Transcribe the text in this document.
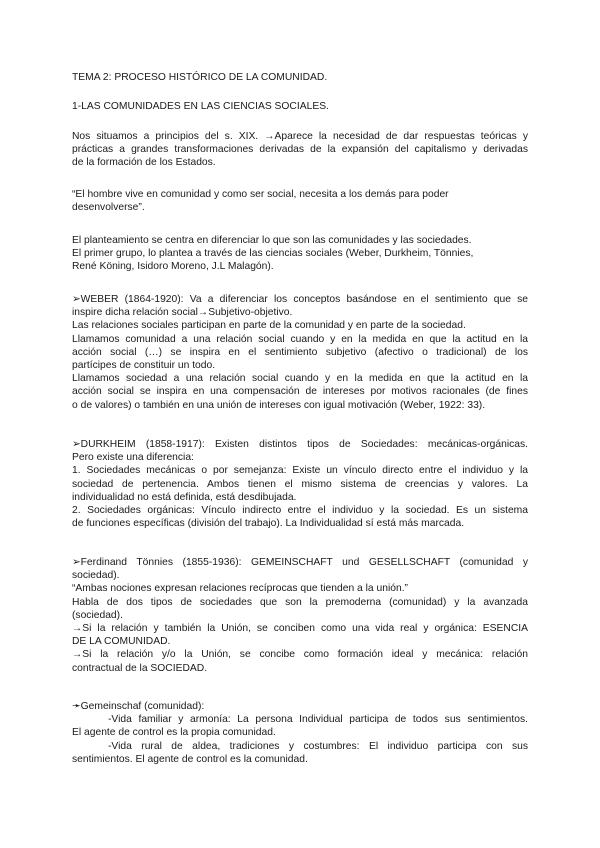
TEMA 2: PROCESO HISTÓRICO DE LA COMUNIDAD.

1-LAS COMUNIDADES EN LAS CIENCIAS SOCIALES.

Nos situamos a principios del s. XIX. →Aparece la necesidad de dar respuestas teóricas y
prácticas a grandes transformaciones derivadas de la expansión del capitalismo y derivadas
de la formación de los Estados.

“El hombre vive en comunidad y como ser social, necesita a los demás para poder
desenvolverse”.

El planteamiento se centra en diferenciar lo que son las comunidades y las sociedades.
El primer grupo, lo plantea a través de las ciencias sociales (Weber, Durkheim, Tönnies,
René Köning, Isidoro Moreno, J.L Malagón).

➢WEBER (1864-1920): Va a diferenciar los conceptos basándose en el sentimiento que se
inspire dicha relación social→Subjetivo-objetivo.
Las relaciones sociales participan en parte de la comunidad y en parte de la sociedad.
Llamamos comunidad a una relación social cuando y en la medida en que la actitud en la
acción social (…) se inspira en el sentimiento subjetivo (afectivo o tradicional) de los
partícipes de constituir un todo.
Llamamos sociedad a una relación social cuando y en la medida en que la actitud en la
acción social se inspira en una compensación de intereses por motivos racionales (de fines
o de valores) o también en una unión de intereses con igual motivación (Weber, 1922: 33).

➢DURKHEIM (1858-1917): Existen distintos tipos de Sociedades: mecánicas-orgánicas.
Pero existe una diferencia:
1. Sociedades mecánicas o por semejanza: Existe un vínculo directo entre el individuo y la
sociedad de pertenencia. Ambos tienen el mismo sistema de creencias y valores. La
individualidad no está definida, está desdibujada.
2. Sociedades orgánicas: Vínculo indirecto entre el individuo y la sociedad. Es un sistema
de funciones específicas (división del trabajo). La Individualidad sí está más marcada.

➢Ferdinand Tönnies (1855-1936): GEMEINSCHAFT und GESELLSCHAFT (comunidad y
sociedad).
“Ambas nociones expresan relaciones recíprocas que tienden a la unión.”
Habla de dos tipos de sociedades que son la premoderna (comunidad) y la avanzada
(sociedad).
→Si la relación y también la Unión, se conciben como una vida real y orgánica: ESENCIA
DE LA COMUNIDAD.
→Si la relación y/o la Unión, se concibe como formación ideal y mecánica: relación
contractual de la SOCIEDAD.

➛Gemeinschaf (comunidad):
-Vida familiar y armonía: La persona Individual participa de todos sus sentimientos.
El agente de control es la propia comunidad.
-Vida rural de aldea, tradiciones y costumbres: El individuo participa con sus
sentimientos. El agente de control es la comunidad.
